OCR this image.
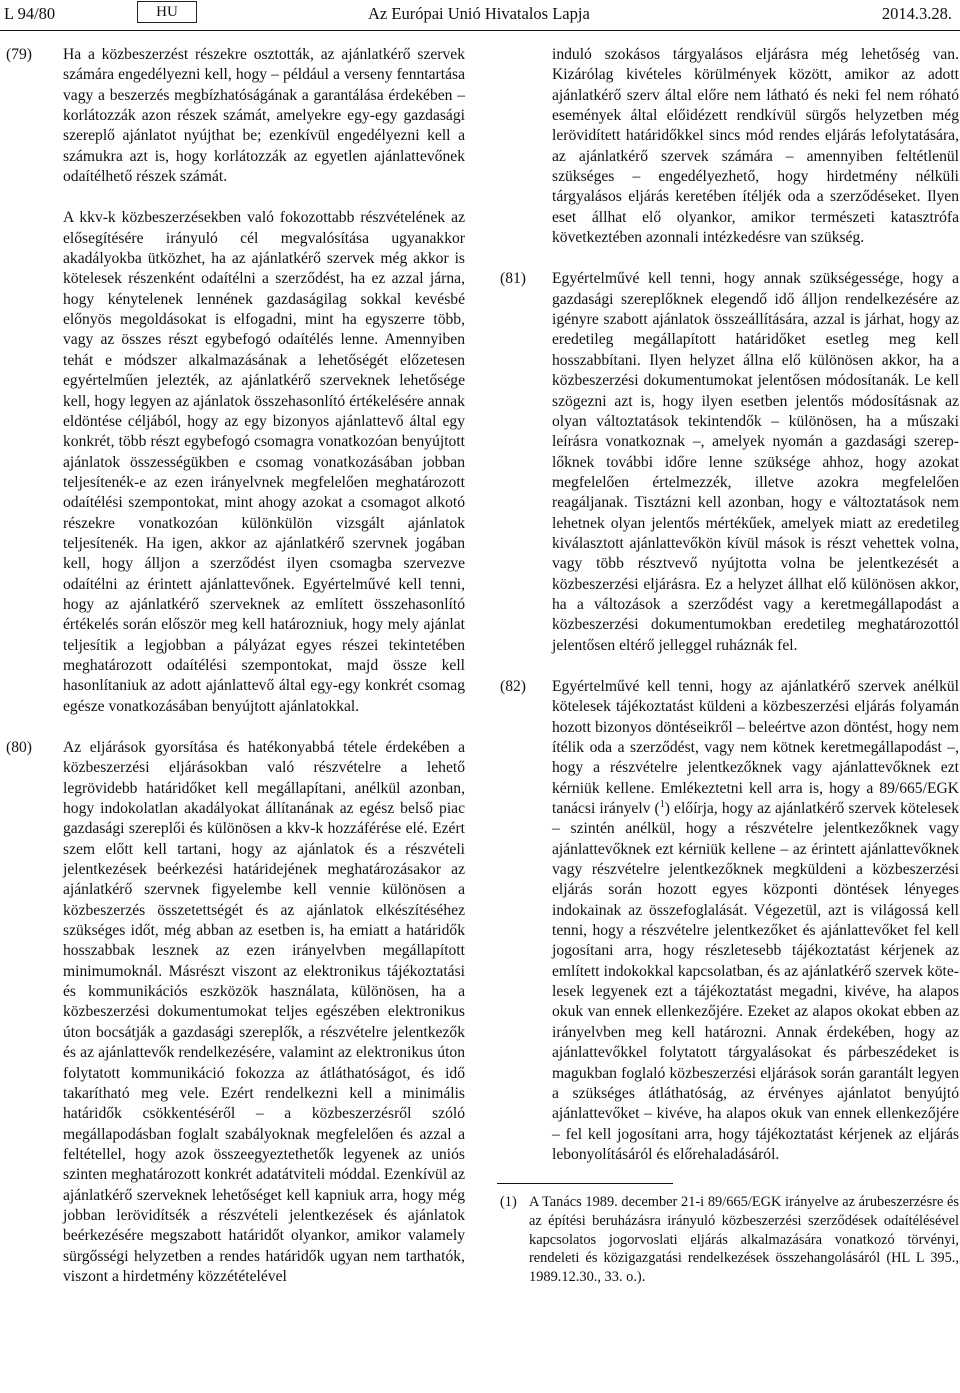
L 94/80	HU	Az Európai Unió Hivatalos Lapja	2014.3.28.
(79) Ha a közbeszerzést részekre osztották, az ajánlatkérő szervek számára engedélyezni kell, hogy – például a verseny fenntartása vagy a beszerzés megbízhatóságának a garantálása érdekében – korlátozzák azon részek számát, amelyekre egy-egy gazdasági szereplő ajánlatot nyújthat be; ezenkívül engedélyezni kell a számukra azt is, hogy korlátozzák az egyetlen ajánlattevőnek odaítélhető részek számát.

A kkv-k közbeszerzésekben való fokozottabb részvételének az elősegítésére irányuló cél megvalósítása ugyanakkor akadályokba ütközhet, ha az ajánlatkérő szervek még akkor is kötelesek részenként odaítélni a szerződést, ha ez azzal járna, hogy kénytelenek lennének gazdaságilag sokkal kevésbé előnyös megoldásokat is elfogadni, mint ha egyszerre több, vagy az összes részt egybefogó odaítélés lenne. Amennyiben tehát e módszer alkalmazásának a lehetőségét előzetesen egyértelműen jelezték, az ajánlatkérő szerveknek lehetősége kell, hogy legyen az ajánlatok összehasonlító értékelésére annak eldöntése céljából, hogy az egy bizonyos ajánlattevő által egy konkrét, több részt egybefogó csomagra vonatkozóan benyújtott ajánlatok összességükben e csomag vonatkozásában jobban teljesítenék-e az ezen irányelvnek megfelelően meghatározott odaítélési szempontokat, mint ahogy azokat a csomagot alkotó részekre vonatkozóan különkülön vizsgált ajánlatok teljesítenék. Ha igen, akkor az ajánlatkérő szervnek jogában kell, hogy álljon a szerződést ilyen csomagba szervezve odaítélni az érintett ajánlattevőnek. Egyértelművé kell tenni, hogy az ajánlatkérő szerveknek az említett összehasonlító értékelés során először meg kell határozniuk, hogy mely ajánlat teljesítik a legjobban a pályázat egyes részei tekintetében meghatározott odaítélési szempontokat, majd össze kell hasonlítaniuk az adott ajánlattevő által egy-egy konkrét csomag egésze vonatkozásában benyújtott ajánlatokkal.

(80) Az eljárások gyorsítása és hatékonyabbá tétele érdekében a közbeszerzési eljárásokban való részvételre a lehető legrövidebb határidőket kell megállapítani, anélkül azonban, hogy indokolatlan akadályokat állítanának az egész belső piac gazdasági szereplői és különösen a kkv-k hozzáférése elé. Ezért szem előtt kell tartani, hogy az ajánlatok és a részvételi jelentkezések beérkezési határidejének meghatározásakor az ajánlatkérő szervnek figyelembe kell vennie különösen a közbeszerzés összetettségét és az ajánlatok elkészítéséhez szükséges időt, még abban az esetben is, ha emiatt a határidők hosszabbak lesznek az ezen irányelvben megállapított minimumoknál. Másrészt viszont az elektronikus tájékoztatási és kommunikációs eszközök használata, különösen, ha a közbeszerzési dokumentumokat teljes egészében elektronikus úton bocsátják a gazdasági szereplők, a részvételre jelentkezők és az ajánlattevők rendelkezésére, valamint az elektronikus úton folytatott kommunikáció fokozza az átláthatóságot, és idő takarítható meg vele. Ezért rendelkezni kell a minimális határidők csökkentéséről – a közbeszerzésről szóló megállapodásban foglalt szabályoknak megfelelően és azzal a feltétellel, hogy azok összeegyeztethetők legyenek az uniós szinten meghatározott konkrét adatátviteli móddal. Ezenkívül az ajánlatkérő szerveknek lehetőséget kell kapniuk arra, hogy még jobban lerövidítsék a részvételi jelentkezések és ajánlatok beérkezésére megszabott határidőt olyankor, amikor valamely sürgősségi helyzetben a rendes határidők ugyan nem tarthatók, viszont a hirdetmény közzétételével

induló szokásos tárgyalásos eljárásra még lehetőség van. Kizárólag kivételes körülmények között, amikor az adott ajánlatkérő szerv által előre nem látható és neki fel nem róható események által előidézett rendkívül sürgős helyzetben még lerövidített határidőkkel sincs mód rendes eljárás lefolytatására, az ajánlatkérő szervek számára – amennyiben feltétlenül szükséges – engedélyezhető, hogy hirdetmény nélküli tárgyalásos eljárás keretében ítéljék oda a szerződéseket. Ilyen eset állhat elő olyankor, amikor természeti katasztrófa következtében azonnali intézkedésre van szükség.

(81) Egyértelművé kell tenni, hogy annak szükségessége, hogy a gazdasági szereplőknek elegendő idő álljon rendelkezésére az igényre szabott ajánlatok összeállítására, azzal is járhat, hogy az eredetileg megállapított határidőket esetleg meg kell hosszabbítani. Ilyen helyzet állna elő különösen akkor, ha a közbeszerzési dokumentumokat jelentősen módosítanák. Le kell szögezni azt is, hogy ilyen esetben jelentős módosításnak az olyan változtatások tekintendők – különösen, ha a műszaki leírásra vonatkoznak –, amelyek nyomán a gazdasági szereplőknek további időre lenne szüksége ahhoz, hogy azokat megfelelően értelmezzék, illetve azokra megfelelően reagáljanak. Tisztázni kell azonban, hogy e változtatások nem lehetnek olyan jelentős mértékűek, amelyek miatt az eredetileg kiválasztott ajánlattevőkön kívül mások is részt vehettek volna, vagy több résztvevő nyújtotta volna be jelentkezését a közbeszerzési eljárásra. Ez a helyzet állhat elő különösen akkor, ha a változások a szerződést vagy a keretmegállapodást a közbeszerzési dokumentumokban eredetileg meghatározottól jelentősen eltérő jelleggel ruháznák fel.

(82) Egyértelművé kell tenni, hogy az ajánlatkérő szervek anélkül kötelesek tájékoztatást küldeni a közbeszerzési eljárás folyamán hozott bizonyos döntéseikről – beleértve azon döntést, hogy nem ítélik oda a szerződést, vagy nem kötnek keretmegállapodást –, hogy a részvételre jelentkezőknek vagy ajánlattevőknek ezt kérniük kellene. Emlékeztetni kell arra is, hogy a 89/665/EGK tanácsi irányelv ($^1$) előírja, hogy az ajánlatkérő szervek kötelesek – szintén anélkül, hogy a részvételre jelentkezőknek vagy ajánlattevőknek ezt kérniük kellene – az érintett ajánlattevőknek vagy részvételre jelentkezőknek megküldeni a közbeszerzési eljárás során hozott egyes központi döntések lényeges indokainak az összefoglalását. Végezetül, azt is világossá kell tenni, hogy a részvételre jelentkezőket és ajánlattevőket fel kell jogosítani arra, hogy részletesebb tájékoztatást kérjenek az említett indokokkal kapcsolatban, és az ajánlatkérő szervek kötelesek legyenek ezt a tájékoztatást megadni, kivéve, ha alapos okuk van ennek ellenkezőjére. Ezeket az alapos okokat ebben az irányelvben meg kell határozni. Annak érdekében, hogy az ajánlattevőkkel folytatott tárgyalásokat és párbeszédeket is magukban foglaló közbeszerzési eljárások során garantált legyen a szükséges átláthatóság, az érvényes ajánlatot benyújtó ajánlattevőket – kivéve, ha alapos okuk van ennek ellenkezőjére – fel kell jogosítani arra, hogy tájékoztatást kérjenek az eljárás lebonyolításáról és előrehaladásáról.

(1) A Tanács 1989. december 21-i 89/665/EGK irányelve az árubeszerzésre és az építési beruházásra irányuló közbeszerzési szerződések odaítélésével kapcsolatos jogorvoslati eljárás alkalmazására vonatkozó törvényi, rendeleti és közigazgatási rendelkezések összehangolásáról (HL L 395., 1989.12.30., 33. o.).
